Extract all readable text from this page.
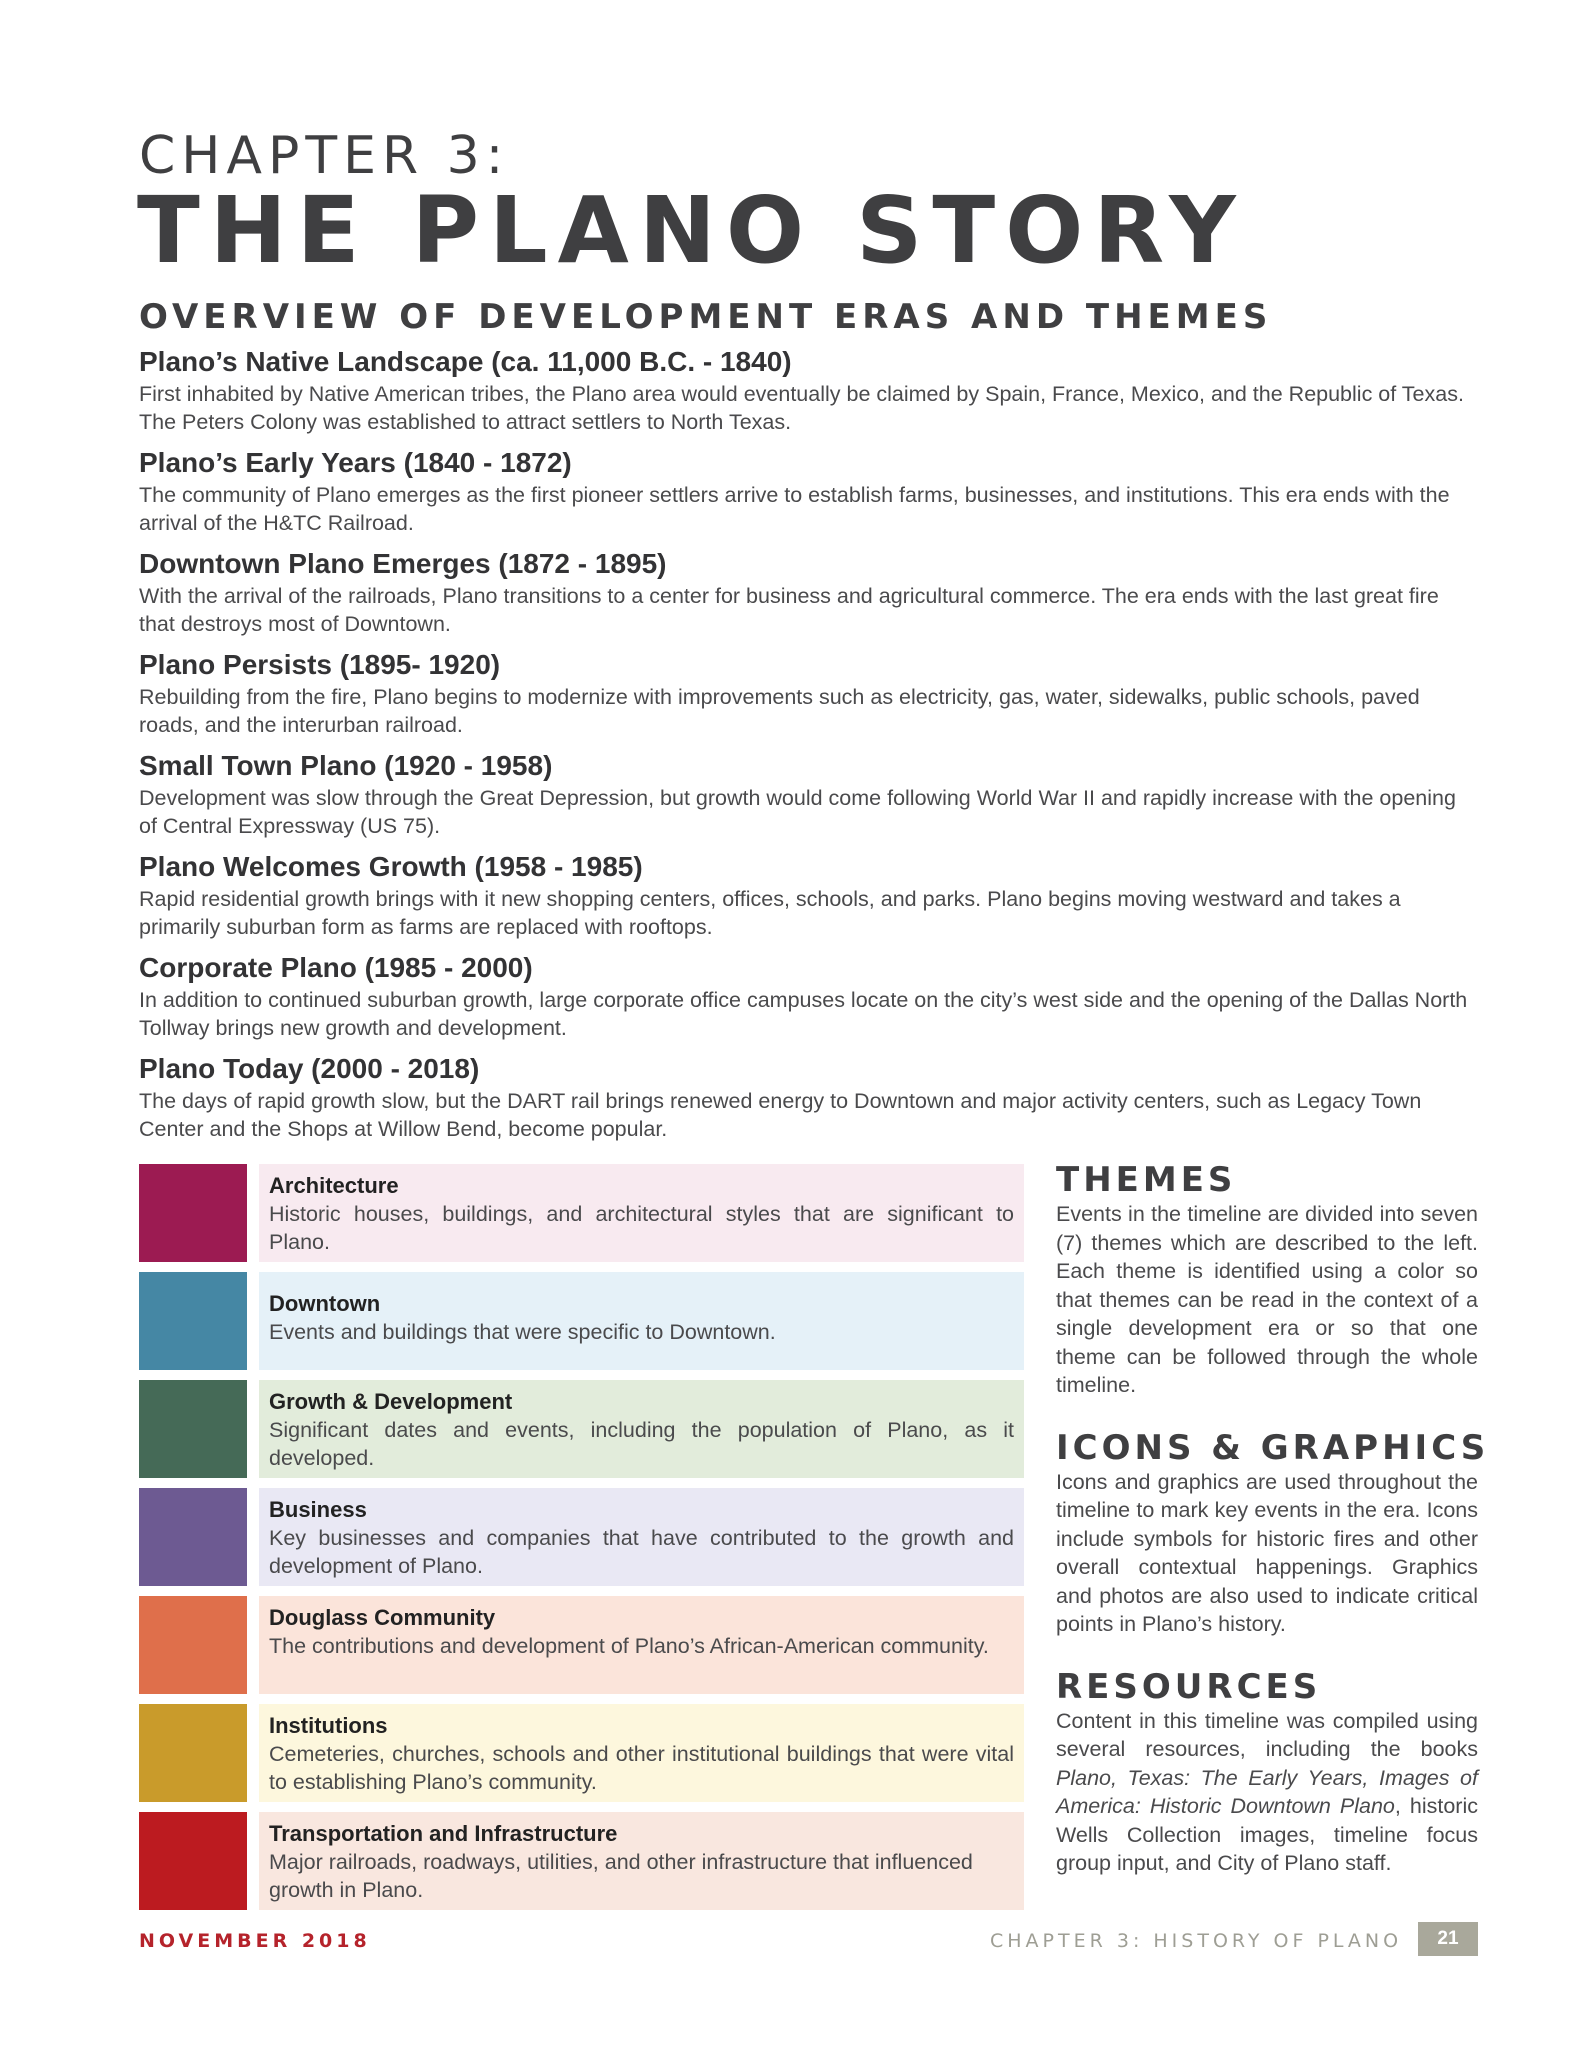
CHAPTER 3:
THE PLANO STORY
OVERVIEW OF DEVELOPMENT ERAS AND THEMES
Plano’s Native Landscape (ca. 11,000 B.C. - 1840)
First inhabited by Native American tribes, the Plano area would eventually be claimed by Spain, France, Mexico, and the Republic of Texas. The Peters Colony was established to attract settlers to North Texas.
Plano’s Early Years (1840 - 1872)
The community of Plano emerges as the first pioneer settlers arrive to establish farms, businesses, and institutions. This era ends with the arrival of the H&TC Railroad.
Downtown Plano Emerges (1872 - 1895)
With the arrival of the railroads, Plano transitions to a center for business and agricultural commerce. The era ends with the last great fire that destroys most of Downtown.
Plano Persists (1895- 1920)
Rebuilding from the fire, Plano begins to modernize with improvements such as electricity, gas, water, sidewalks, public schools, paved roads, and the interurban railroad.
Small Town Plano (1920 - 1958)
Development was slow through the Great Depression, but growth would come following World War II and rapidly increase with the opening of Central Expressway (US 75).
Plano Welcomes Growth (1958 - 1985)
Rapid residential growth brings with it new shopping centers, offices, schools, and parks. Plano begins moving westward and takes a primarily suburban form as farms are replaced with rooftops.
Corporate Plano (1985 - 2000)
In addition to continued suburban growth, large corporate office campuses locate on the city’s west side and the opening of the Dallas North Tollway brings new growth and development.
Plano Today (2000 - 2018)
The days of rapid growth slow, but the DART rail brings renewed energy to Downtown and major activity centers, such as Legacy Town Center and the Shops at Willow Bend, become popular.
Architecture
Historic houses, buildings, and architectural styles that are significant to Plano.
Downtown
Events and buildings that were specific to Downtown.
Growth & Development
Significant dates and events, including the population of Plano, as it developed.
Business
Key businesses and companies that have contributed to the growth and development of Plano.
Douglass Community
The contributions and development of Plano’s African-American community.
Institutions
Cemeteries, churches, schools and other institutional buildings that were vital to establishing Plano’s community.
Transportation and Infrastructure
Major railroads, roadways, utilities, and other infrastructure that influenced growth in Plano.
THEMES
Events in the timeline are divided into seven (7) themes which are described to the left. Each theme is identified using a color so that themes can be read in the context of a single development era or so that one theme can be followed through the whole timeline.
ICONS & GRAPHICS
Icons and graphics are used throughout the timeline to mark key events in the era. Icons include symbols for historic fires and other overall contextual happenings. Graphics and photos are also used to indicate critical points in Plano’s history.
RESOURCES
Content in this timeline was compiled using several resources, including the books Plano, Texas: The Early Years, Images of America: Historic Downtown Plano, historic Wells Collection images, timeline focus group input, and City of Plano staff.
NOVEMBER 2018	CHAPTER 3: HISTORY OF PLANO	21
